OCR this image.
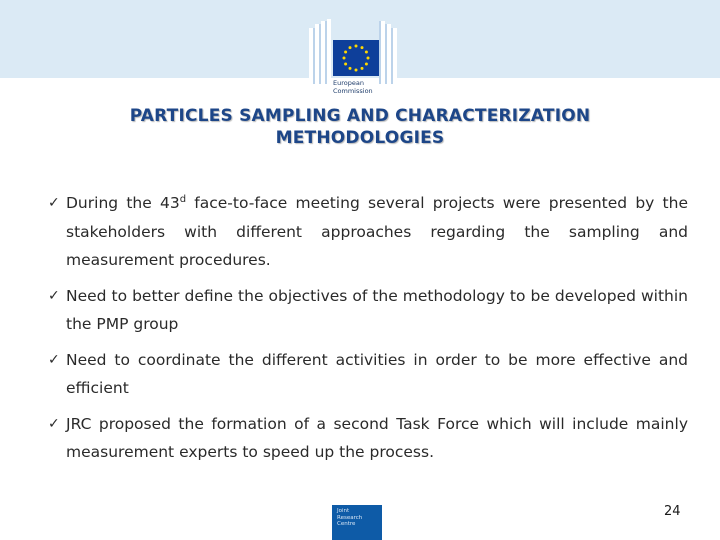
European
Commission
PARTICLES SAMPLING AND CHARACTERIZATION
METHODOLOGIES
✓ During the 43$^d$ face-to-face meeting several projects were presented by the stakeholders with different approaches regarding the sampling and measurement procedures.
✓ Need to better define the objectives of the methodology to be developed within the PMP group
✓ Need to coordinate the different activities in order to be more effective and efficient
✓ JRC proposed the formation of a second Task Force which will include mainly measurement experts to speed up the process.
Joint
Research
Centre
24
